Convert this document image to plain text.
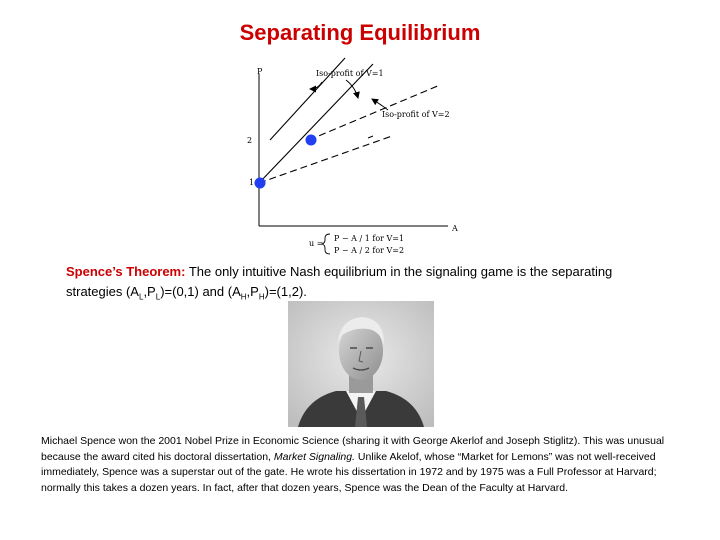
Separating Equilibrium
P
A
2
1
Iso-profit of V=1
Iso-profit of V=2
u =
P − A / 1 for V=1
P − A / 2 for V=2
Spence’s Theorem: The only intuitive Nash equilibrium in the signaling game is the separating strategies $(A_L,P_L)=(0,1)$ and $(A_H,P_H)=(1,2)$.
Michael Spence won the 2001 Nobel Prize in Economic Science (sharing it with George Akerlof and Joseph Stiglitz). This was unusual because the award cited his doctoral dissertation, Market Signaling. Unlike Akelof, whose “Market for Lemons” was not well-received immediately, Spence was a superstar out of the gate. He wrote his dissertation in 1972 and by 1975 was a Full Professor at Harvard; normally this takes a dozen years. In fact, after that dozen years, Spence was the Dean of the Faculty at Harvard.
